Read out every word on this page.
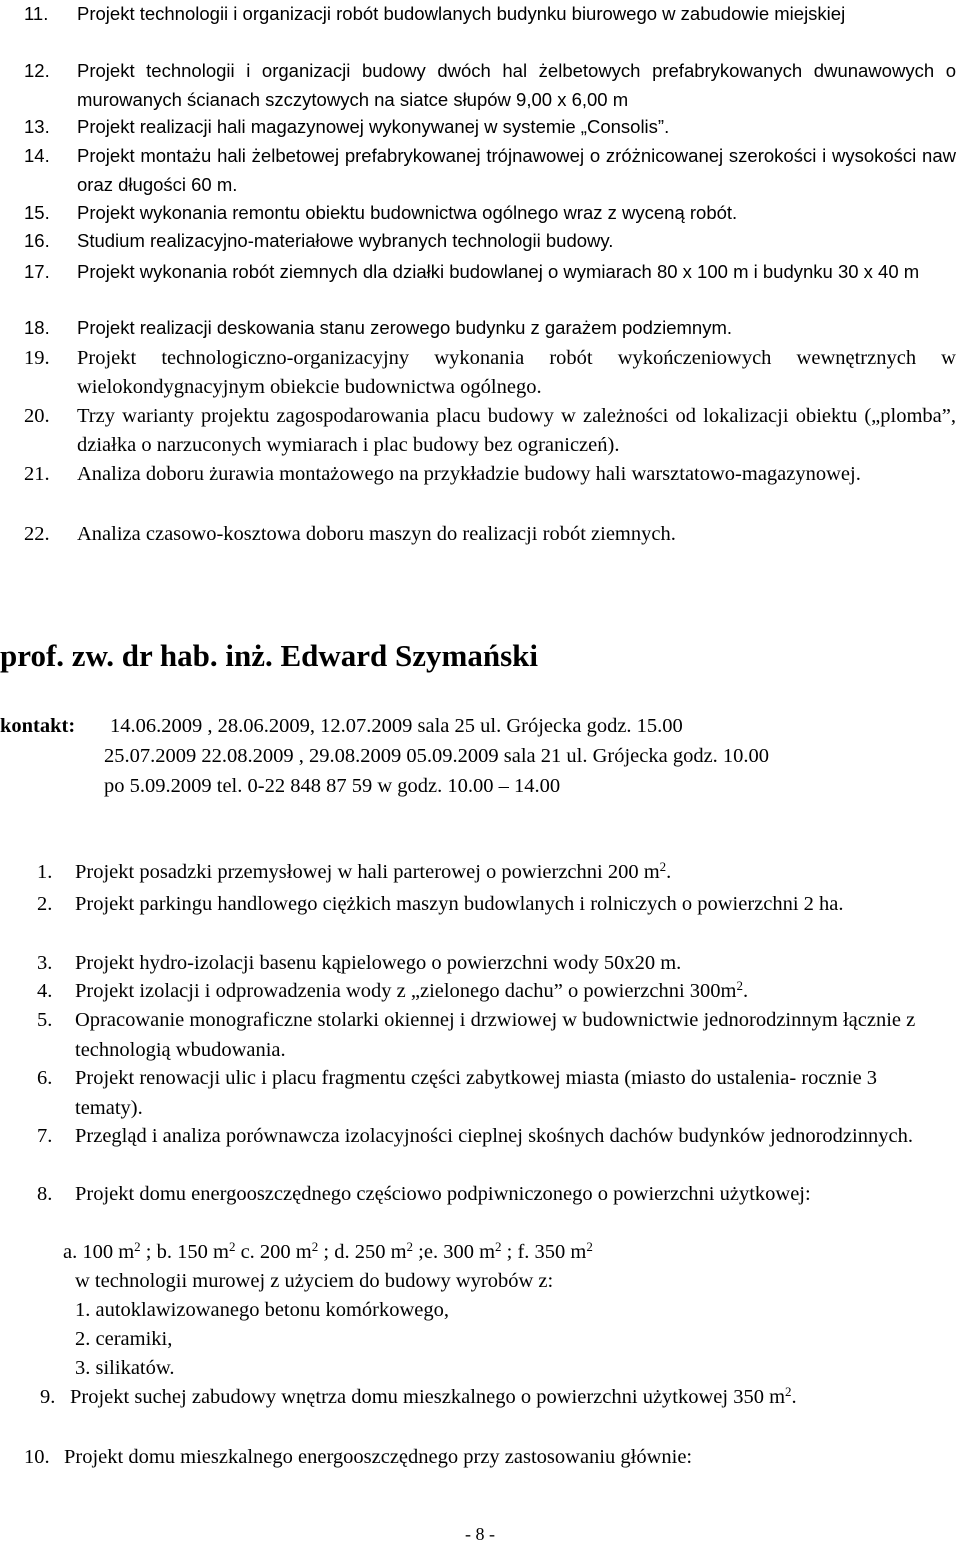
11. Projekt technologii i organizacji robót budowlanych budynku biurowego w zabudowie miejskiej
12. Projekt technologii i organizacji budowy dwóch hal żelbetowych prefabrykowanych dwunawowych o murowanych ścianach szczytowych na siatce słupów 9,00 x 6,00 m
13. Projekt realizacji hali magazynowej wykonywanej w systemie „Consolis”.
14. Projekt montażu hali żelbetowej prefabrykowanej trójnawowej o zróżnicowanej szerokości i wysokości naw oraz długości 60 m.
15. Projekt wykonania remontu obiektu budownictwa ogólnego wraz z wyceną robót.
16. Studium realizacyjno-materiałowe wybranych technologii budowy.
17. Projekt wykonania robót ziemnych dla działki budowlanej o wymiarach 80 x 100 m i budynku 30 x 40 m
18. Projekt realizacji deskowania stanu zerowego budynku z garażem podziemnym.
19. Projekt technologiczno-organizacyjny wykonania robót wykończeniowych wewnętrznych w wielokondygnacyjnym obiekcie budownictwa ogólnego.
20. Trzy warianty projektu zagospodarowania placu budowy w zależności od lokalizacji obiektu („plomba”, działka o narzuconych wymiarach i plac budowy bez ograniczeń).
21. Analiza doboru żurawia montażowego na przykładzie budowy hali warsztatowo-magazynowej.
22. Analiza czasowo-kosztowa doboru maszyn do realizacji robót ziemnych.
prof. zw. dr hab. inż. Edward Szymański
kontakt: 14.06.2009 , 28.06.2009, 12.07.2009 sala 25 ul. Grójecka godz. 15.00
25.07.2009 22.08.2009 , 29.08.2009 05.09.2009 sala 21 ul. Grójecka godz. 10.00
po 5.09.2009 tel. 0-22 848 87 59 w godz. 10.00 – 14.00
1. Projekt posadzki przemysłowej w hali parterowej o powierzchni 200 $m^2$.
2. Projekt parkingu handlowego ciężkich maszyn budowlanych i rolniczych o powierzchni 2 ha.
3. Projekt hydro-izolacji basenu kąpielowego o powierzchni wody 50x20 m.
4. Projekt izolacji i odprowadzenia wody z „zielonego dachu” o powierzchni $300m^2$.
5. Opracowanie monograficzne stolarki okiennej i drzwiowej w budownictwie jednorodzinnym łącznie z technologią wbudowania.
6. Projekt renowacji ulic i placu fragmentu części zabytkowej miasta (miasto do ustalenia- rocznie 3 tematy).
7. Przegląd i analiza porównawcza izolacyjności cieplnej skośnych dachów budynków jednorodzinnych.
8. Projekt domu energooszczędnego częściowo podpiwniczonego o powierzchni użytkowej:
a. 100 $m^2$ ; b. 150 $m^2$ c. 200 $m^2$ ; d. 250 $m^2$ ;e. 300 $m^2$ ; f. 350 $m^2$
w technologii murowej z użyciem do budowy wyrobów z:
1. autoklawizowanego betonu komórkowego,
2. ceramiki,
3. silikatów.
9. Projekt suchej zabudowy wnętrza domu mieszkalnego o powierzchni użytkowej 350 $m^2$.
10. Projekt domu mieszkalnego energooszczędnego przy zastosowaniu głównie:
- 8 -
